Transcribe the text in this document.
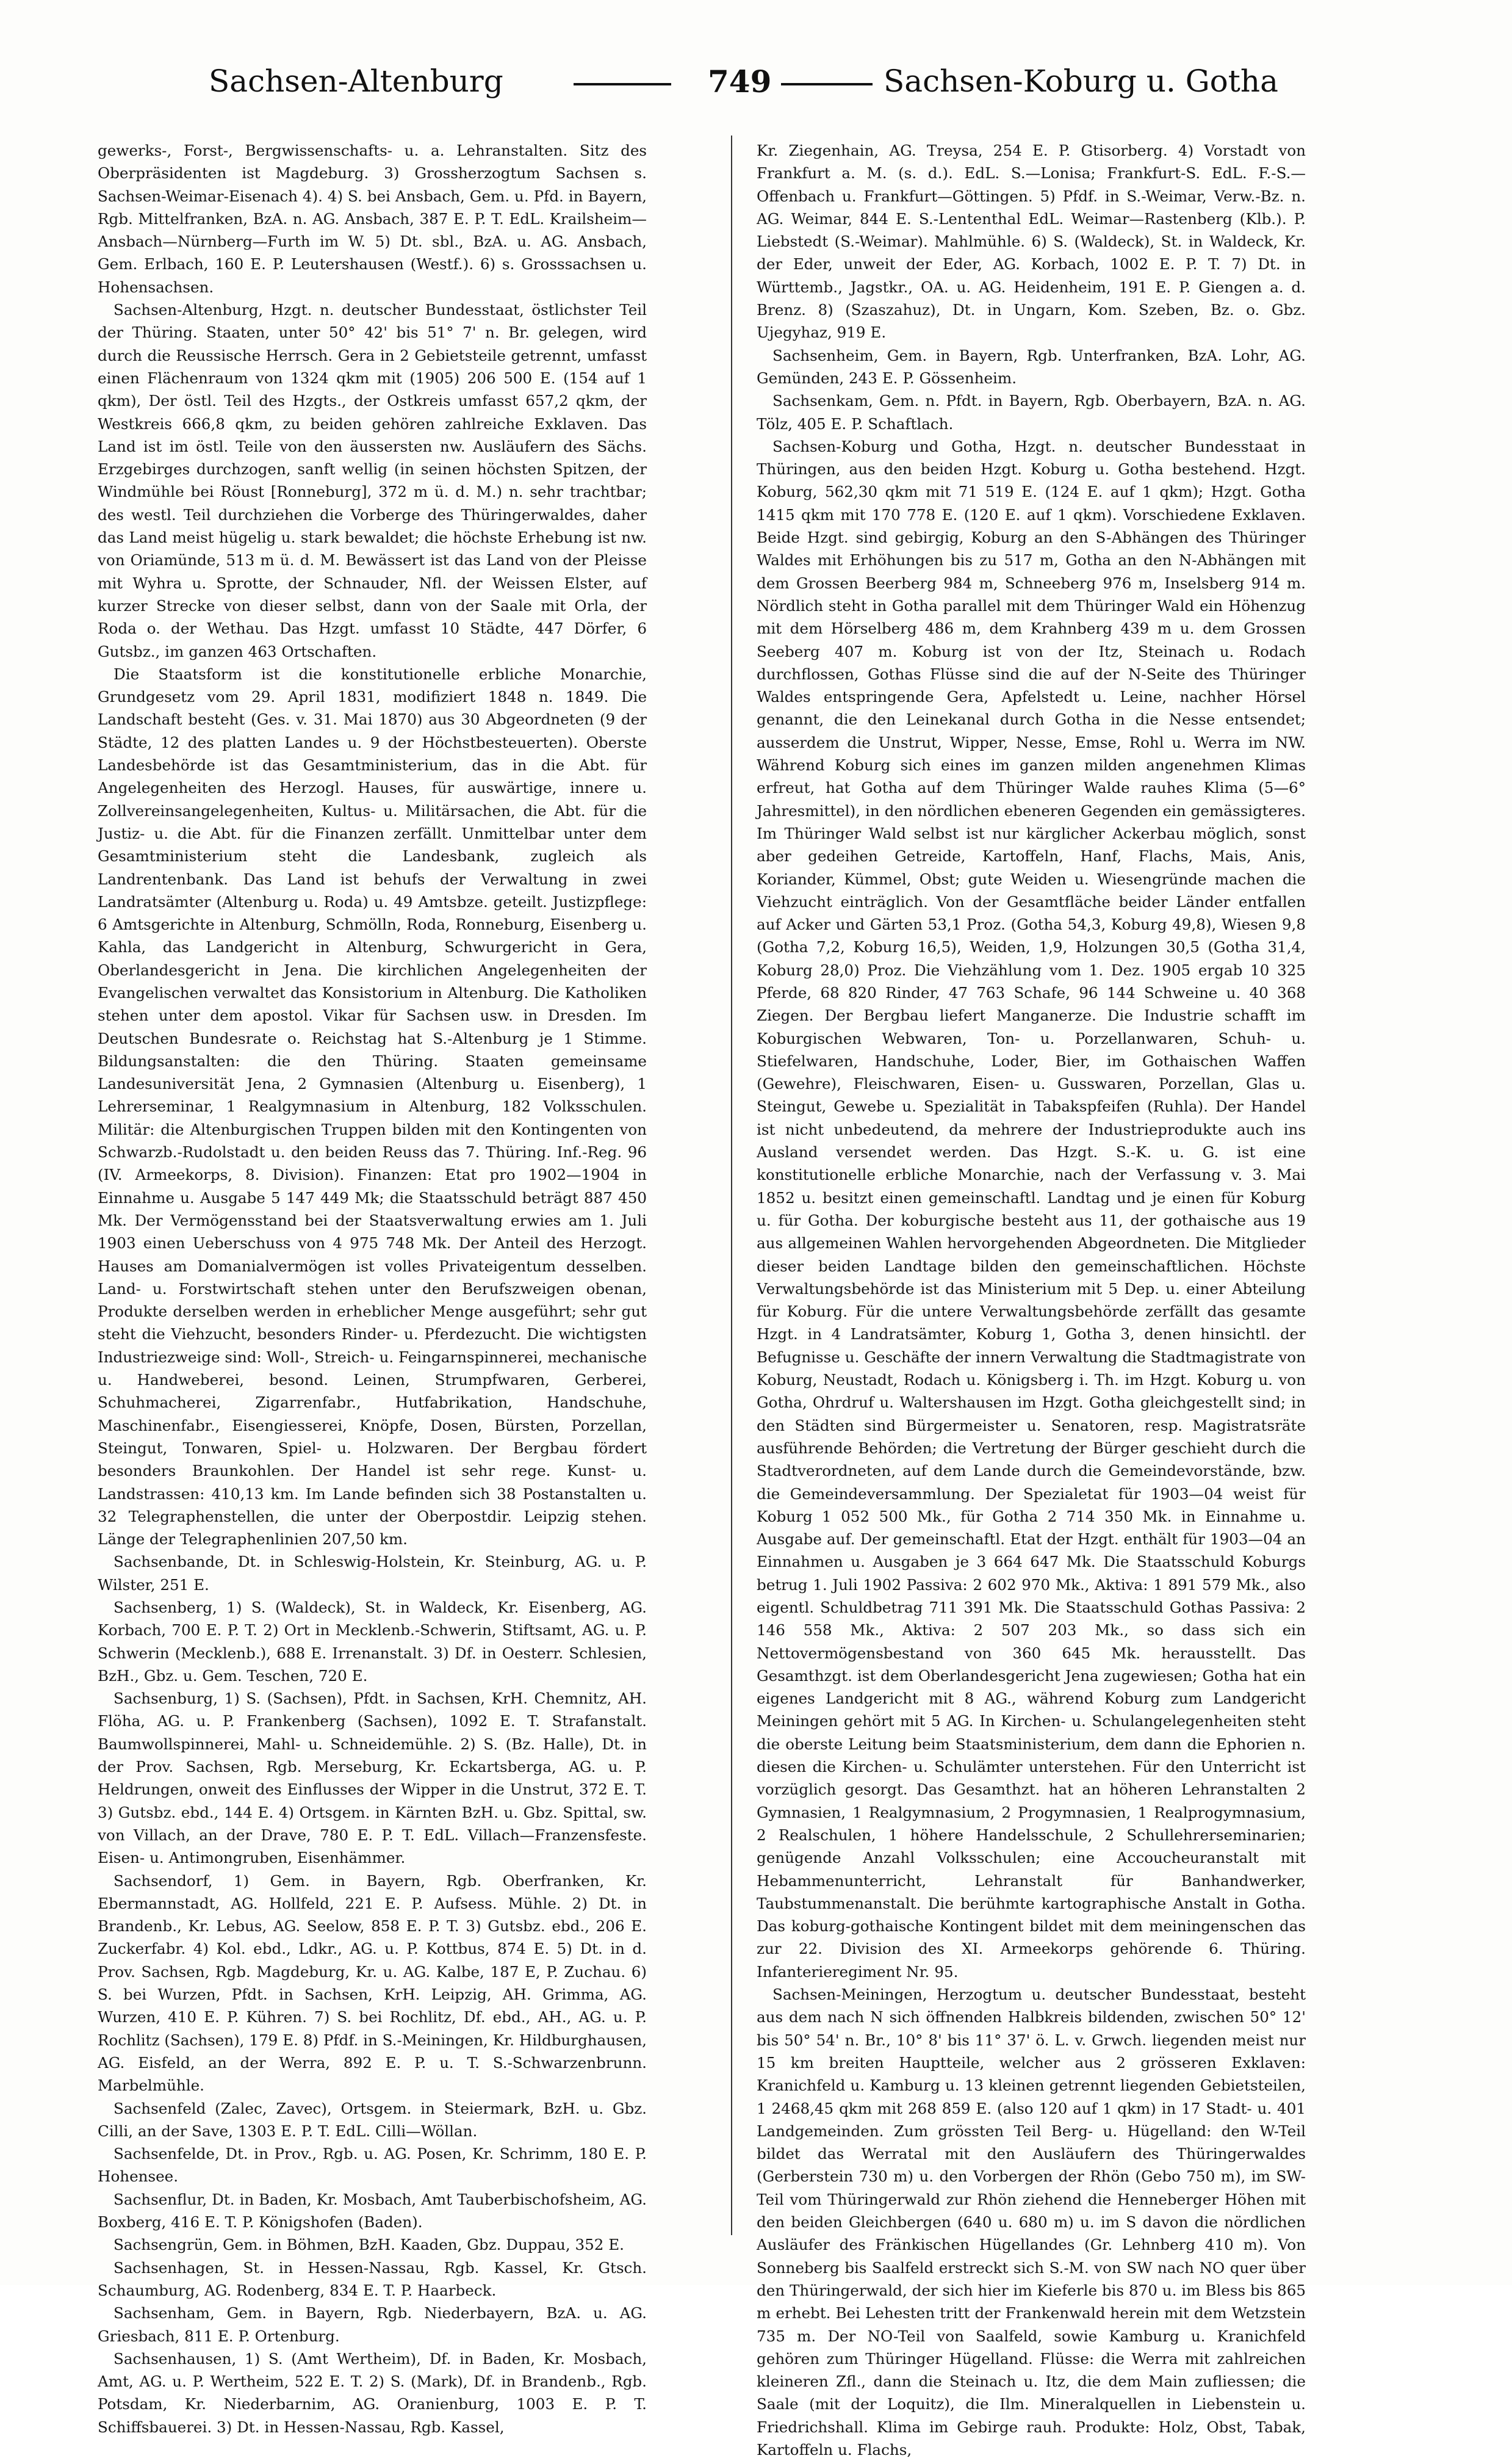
Sachsen-Altenburg	749	Sachsen-Koburg u. Gotha

gewerks-, Forst-, Bergwissenschafts- u. a. Lehranstalten. Sitz des Oberpräsidenten ist Magdeburg. 3) Grossherzogtum Sachsen s. Sachsen-Weimar-Eisenach 4). 4) S. bei Ansbach, Gem. u. Pfd. in Bayern, Rgb. Mittelfranken, BzA. n. AG. Ansbach, 387 E. P. T. EdL. Krailsheim—Ansbach—Nürnberg—Furth im W. 5) Dt. sbl., BzA. u. AG. Ansbach, Gem. Erlbach, 160 E. P. Leutershausen (Westf.). 6) s. Grosssachsen u. Hohensachsen.

Sachsen-Altenburg, Hzgt. n. deutscher Bundesstaat, östlichster Teil der Thüring. Staaten, unter 50° 42' bis 51° 7' n. Br. gelegen, wird durch die Reussische Herrsch. Gera in 2 Gebietsteile getrennt, umfasst einen Flächenraum von 1324 qkm mit (1905) 206 500 E. (154 auf 1 qkm), Der östl. Teil des Hzgts., der Ostkreis umfasst 657,2 qkm, der Westkreis 666,8 qkm, zu beiden gehören zahlreiche Exklaven. Das Land ist im östl. Teile von den äussersten nw. Ausläufern des Sächs. Erzgebirges durchzogen, sanft wellig (in seinen höchsten Spitzen, der Windmühle bei Röust [Ronneburg], 372 m ü. d. M.) n. sehr trachtbar; des westl. Teil durchziehen die Vorberge des Thüringerwaldes, daher das Land meist hügelig u. stark bewaldet; die höchste Erhebung ist nw. von Oriamünde, 513 m ü. d. M. Bewässert ist das Land von der Pleisse mit Wyhra u. Sprotte, der Schnauder, Nfl. der Weissen Elster, auf kurzer Strecke von dieser selbst, dann von der Saale mit Orla, der Roda o. der Wethau. Das Hzgt. umfasst 10 Städte, 447 Dörfer, 6 Gutsbz., im ganzen 463 Ortschaften.

Die Staatsform ist die konstitutionelle erbliche Monarchie, Grundgesetz vom 29. April 1831, modifiziert 1848 n. 1849. Die Landschaft besteht (Ges. v. 31. Mai 1870) aus 30 Abgeordneten (9 der Städte, 12 des platten Landes u. 9 der Höchstbesteuerten). Oberste Landesbehörde ist das Gesamtministerium, das in die Abt. für Angelegenheiten des Herzogl. Hauses, für auswärtige, innere u. Zollvereinsangelegenheiten, Kultus- u. Militärsachen, die Abt. für die Justiz- u. die Abt. für die Finanzen zerfällt. Unmittelbar unter dem Gesamtministerium steht die Landesbank, zugleich als Landrentenbank. Das Land ist behufs der Verwaltung in zwei Landratsämter (Altenburg u. Roda) u. 49 Amtsbze. geteilt. Justizpflege: 6 Amtsgerichte in Altenburg, Schmölln, Roda, Ronneburg, Eisenberg u. Kahla, das Landgericht in Altenburg, Schwurgericht in Gera, Oberlandesgericht in Jena. Die kirchlichen Angelegenheiten der Evangelischen verwaltet das Konsistorium in Altenburg. Die Katholiken stehen unter dem apostol. Vikar für Sachsen usw. in Dresden. Im Deutschen Bundesrate o. Reichstag hat S.-Altenburg je 1 Stimme. Bildungsanstalten: die den Thüring. Staaten gemeinsame Landesuniversität Jena, 2 Gymnasien (Altenburg u. Eisenberg), 1 Lehrerseminar, 1 Realgymnasium in Altenburg, 182 Volksschulen. Militär: die Altenburgischen Truppen bilden mit den Kontingenten von Schwarzb.-Rudolstadt u. den beiden Reuss das 7. Thüring. Inf.-Reg. 96 (IV. Armeekorps, 8. Division). Finanzen: Etat pro 1902—1904 in Einnahme u. Ausgabe 5 147 449 Mk; die Staatsschuld beträgt 887 450 Mk. Der Vermögensstand bei der Staatsverwaltung erwies am 1. Juli 1903 einen Ueberschuss von 4 975 748 Mk. Der Anteil des Herzogt. Hauses am Domanialvermögen ist volles Privateigentum desselben. Land- u. Forstwirtschaft stehen unter den Berufszweigen obenan, Produkte derselben werden in erheblicher Menge ausgeführt; sehr gut steht die Viehzucht, besonders Rinder- u. Pferdezucht. Die wichtigsten Industriezweige sind: Woll-, Streich- u. Feingarnspinnerei, mechanische u. Handweberei, besond. Leinen, Strumpfwaren, Gerberei, Schuhmacherei, Zigarrenfabr., Hutfabrikation, Handschuhe, Maschinenfabr., Eisengiesserei, Knöpfe, Dosen, Bürsten, Porzellan, Steingut, Tonwaren, Spiel- u. Holzwaren. Der Bergbau fördert besonders Braunkohlen. Der Handel ist sehr rege. Kunst- u. Landstrassen: 410,13 km. Im Lande befinden sich 38 Postanstalten u. 32 Telegraphenstellen, die unter der Oberpostdir. Leipzig stehen. Länge der Telegraphenlinien 207,50 km.

Sachsenbande, Dt. in Schleswig-Holstein, Kr. Steinburg, AG. u. P. Wilster, 251 E.

Sachsenberg, 1) S. (Waldeck), St. in Waldeck, Kr. Eisenberg, AG. Korbach, 700 E. P. T. 2) Ort in Mecklenb.-Schwerin, Stiftsamt, AG. u. P. Schwerin (Mecklenb.), 688 E. Irrenanstalt. 3) Df. in Oesterr. Schlesien, BzH., Gbz. u. Gem. Teschen, 720 E.

Sachsenburg, 1) S. (Sachsen), Pfdt. in Sachsen, KrH. Chemnitz, AH. Flöha, AG. u. P. Frankenberg (Sachsen), 1092 E. T. Strafanstalt. Baumwollspinnerei, Mahl- u. Schneidemühle. 2) S. (Bz. Halle), Dt. in der Prov. Sachsen, Rgb. Merseburg, Kr. Eckartsberga, AG. u. P. Heldrungen, onweit des Einflusses der Wipper in die Unstrut, 372 E. T. 3) Gutsbz. ebd., 144 E. 4) Ortsgem. in Kärnten BzH. u. Gbz. Spittal, sw. von Villach, an der Drave, 780 E. P. T. EdL. Villach—Franzensfeste. Eisen- u. Antimongruben, Eisenhämmer.

Sachsendorf, 1) Gem. in Bayern, Rgb. Oberfranken, Kr. Ebermannstadt, AG. Hollfeld, 221 E. P. Aufsess. Mühle. 2) Dt. in Brandenb., Kr. Lebus, AG. Seelow, 858 E. P. T. 3) Gutsbz. ebd., 206 E. Zuckerfabr. 4) Kol. ebd., Ldkr., AG. u. P. Kottbus, 874 E. 5) Dt. in d. Prov. Sachsen, Rgb. Magdeburg, Kr. u. AG. Kalbe, 187 E, P. Zuchau. 6) S. bei Wurzen, Pfdt. in Sachsen, KrH. Leipzig, AH. Grimma, AG. Wurzen, 410 E. P. Kühren. 7) S. bei Rochlitz, Df. ebd., AH., AG. u. P. Rochlitz (Sachsen), 179 E. 8) Pfdf. in S.-Meiningen, Kr. Hildburghausen, AG. Eisfeld, an der Werra, 892 E. P. u. T. S.-Schwarzenbrunn. Marbelmühle.

Sachsenfeld (Zalec, Zavec), Ortsgem. in Steiermark, BzH. u. Gbz. Cilli, an der Save, 1303 E. P. T. EdL. Cilli—Wöllan.

Sachsenfelde, Dt. in Prov., Rgb. u. AG. Posen, Kr. Schrimm, 180 E. P. Hohensee.

Sachsenflur, Dt. in Baden, Kr. Mosbach, Amt Tauberbischofsheim, AG. Boxberg, 416 E. T. P. Königshofen (Baden).

Sachsengrün, Gem. in Böhmen, BzH. Kaaden, Gbz. Duppau, 352 E.

Sachsenhagen, St. in Hessen-Nassau, Rgb. Kassel, Kr. Gtsch. Schaumburg, AG. Rodenberg, 834 E. T. P. Haarbeck.

Sachsenham, Gem. in Bayern, Rgb. Niederbayern, BzA. u. AG. Griesbach, 811 E. P. Ortenburg.

Sachsenhausen, 1) S. (Amt Wertheim), Df. in Baden, Kr. Mosbach, Amt, AG. u. P. Wertheim, 522 E. T. 2) S. (Mark), Df. in Brandenb., Rgb. Potsdam, Kr. Niederbarnim, AG. Oranienburg, 1003 E. P. T. Schiffsbauerei. 3) Dt. in Hessen-Nassau, Rgb. Kassel,

Kr. Ziegenhain, AG. Treysa, 254 E. P. Gtisorberg. 4) Vorstadt von Frankfurt a. M. (s. d.). EdL. S.—Lonisa; Frankfurt-S. EdL. F.-S.—Offenbach u. Frankfurt—Göttingen. 5) Pfdf. in S.-Weimar, Verw.-Bz. n. AG. Weimar, 844 E. S.-Lententhal EdL. Weimar—Rastenberg (Klb.). P. Liebstedt (S.-Weimar). Mahlmühle. 6) S. (Waldeck), St. in Waldeck, Kr. der Eder, unweit der Eder, AG. Korbach, 1002 E. P. T. 7) Dt. in Württemb., Jagstkr., OA. u. AG. Heidenheim, 191 E. P. Giengen a. d. Brenz. 8) (Szaszahuz), Dt. in Ungarn, Kom. Szeben, Bz. o. Gbz. Ujegyhaz, 919 E.

Sachsenheim, Gem. in Bayern, Rgb. Unterfranken, BzA. Lohr, AG. Gemünden, 243 E. P. Gössenheim.

Sachsenkam, Gem. n. Pfdt. in Bayern, Rgb. Oberbayern, BzA. n. AG. Tölz, 405 E. P. Schaftlach.

Sachsen-Koburg und Gotha, Hzgt. n. deutscher Bundesstaat in Thüringen, aus den beiden Hzgt. Koburg u. Gotha bestehend. Hzgt. Koburg, 562,30 qkm mit 71 519 E. (124 E. auf 1 qkm); Hzgt. Gotha 1415 qkm mit 170 778 E. (120 E. auf 1 qkm). Vorschiedene Exklaven. Beide Hzgt. sind gebirgig, Koburg an den S-Abhängen des Thüringer Waldes mit Erhöhungen bis zu 517 m, Gotha an den N-Abhängen mit dem Grossen Beerberg 984 m, Schneeberg 976 m, Inselsberg 914 m. Nördlich steht in Gotha parallel mit dem Thüringer Wald ein Höhenzug mit dem Hörselberg 486 m, dem Krahnberg 439 m u. dem Grossen Seeberg 407 m. Koburg ist von der Itz, Steinach u. Rodach durchflossen, Gothas Flüsse sind die auf der N-Seite des Thüringer Waldes entspringende Gera, Apfelstedt u. Leine, nachher Hörsel genannt, die den Leinekanal durch Gotha in die Nesse entsendet; ausserdem die Unstrut, Wipper, Nesse, Emse, Rohl u. Werra im NW. Während Koburg sich eines im ganzen milden angenehmen Klimas erfreut, hat Gotha auf dem Thüringer Walde rauhes Klima (5—6° Jahresmittel), in den nördlichen ebeneren Gegenden ein gemässigteres. Im Thüringer Wald selbst ist nur kärglicher Ackerbau möglich, sonst aber gedeihen Getreide, Kartoffeln, Hanf, Flachs, Mais, Anis, Koriander, Kümmel, Obst; gute Weiden u. Wiesengründe machen die Viehzucht einträglich. Von der Gesamtfläche beider Länder entfallen auf Acker und Gärten 53,1 Proz. (Gotha 54,3, Koburg 49,8), Wiesen 9,8 (Gotha 7,2, Koburg 16,5), Weiden, 1,9, Holzungen 30,5 (Gotha 31,4, Koburg 28,0) Proz. Die Viehzählung vom 1. Dez. 1905 ergab 10 325 Pferde, 68 820 Rinder, 47 763 Schafe, 96 144 Schweine u. 40 368 Ziegen. Der Bergbau liefert Manganerze. Die Industrie schafft im Koburgischen Webwaren, Ton- u. Porzellanwaren, Schuh- u. Stiefelwaren, Handschuhe, Loder, Bier, im Gothaischen Waffen (Gewehre), Fleischwaren, Eisen- u. Gusswaren, Porzellan, Glas u. Steingut, Gewebe u. Spezialität in Tabakspfeifen (Ruhla). Der Handel ist nicht unbedeutend, da mehrere der Industrieprodukte auch ins Ausland versendet werden. Das Hzgt. S.-K. u. G. ist eine konstitutionelle erbliche Monarchie, nach der Verfassung v. 3. Mai 1852 u. besitzt einen gemeinschaftl. Landtag und je einen für Koburg u. für Gotha. Der koburgische besteht aus 11, der gothaische aus 19 aus allgemeinen Wahlen hervorgehenden Abgeordneten. Die Mitglieder dieser beiden Landtage bilden den gemeinschaftlichen. Höchste Verwaltungsbehörde ist das Ministerium mit 5 Dep. u. einer Abteilung für Koburg. Für die untere Verwaltungsbehörde zerfällt das gesamte Hzgt. in 4 Landratsämter, Koburg 1, Gotha 3, denen hinsichtl. der Befugnisse u. Geschäfte der innern Verwaltung die Stadtmagistrate von Koburg, Neustadt, Rodach u. Königsberg i. Th. im Hzgt. Koburg u. von Gotha, Ohrdruf u. Waltershausen im Hzgt. Gotha gleichgestellt sind; in den Städten sind Bürgermeister u. Senatoren, resp. Magistratsräte ausführende Behörden; die Vertretung der Bürger geschieht durch die Stadtverordneten, auf dem Lande durch die Gemeindevorstände, bzw. die Gemeindeversammlung. Der Spezialetat für 1903—04 weist für Koburg 1 052 500 Mk., für Gotha 2 714 350 Mk. in Einnahme u. Ausgabe auf. Der gemeinschaftl. Etat der Hzgt. enthält für 1903—04 an Einnahmen u. Ausgaben je 3 664 647 Mk. Die Staatsschuld Koburgs betrug 1. Juli 1902 Passiva: 2 602 970 Mk., Aktiva: 1 891 579 Mk., also eigentl. Schuldbetrag 711 391 Mk. Die Staatsschuld Gothas Passiva: 2 146 558 Mk., Aktiva: 2 507 203 Mk., so dass sich ein Nettovermögensbestand von 360 645 Mk. herausstellt. Das Gesamthzgt. ist dem Oberlandesgericht Jena zugewiesen; Gotha hat ein eigenes Landgericht mit 8 AG., während Koburg zum Landgericht Meiningen gehört mit 5 AG. In Kirchen- u. Schulangelegenheiten steht die oberste Leitung beim Staatsministerium, dem dann die Ephorien n. diesen die Kirchen- u. Schulämter unterstehen. Für den Unterricht ist vorzüglich gesorgt. Das Gesamthzt. hat an höheren Lehranstalten 2 Gymnasien, 1 Realgymnasium, 2 Progymnasien, 1 Realprogymnasium, 2 Realschulen, 1 höhere Handelsschule, 2 Schullehrerseminarien; genügende Anzahl Volksschulen; eine Accoucheuranstalt mit Hebammenunterricht, Lehranstalt für Banhandwerker, Taubstummenanstalt. Die berühmte kartographische Anstalt in Gotha. Das koburg-gothaische Kontingent bildet mit dem meiningenschen das zur 22. Division des XI. Armeekorps gehörende 6. Thüring. Infanterieregiment Nr. 95.

Sachsen-Meiningen, Herzogtum u. deutscher Bundesstaat, besteht aus dem nach N sich öffnenden Halbkreis bildenden, zwischen 50° 12' bis 50° 54' n. Br., 10° 8' bis 11° 37' ö. L. v. Grwch. liegenden meist nur 15 km breiten Hauptteile, welcher aus 2 grösseren Exklaven: Kranichfeld u. Kamburg u. 13 kleinen getrennt liegenden Gebietsteilen, 1 2468,45 qkm mit 268 859 E. (also 120 auf 1 qkm) in 17 Stadt- u. 401 Landgemeinden. Zum grössten Teil Berg- u. Hügelland: den W-Teil bildet das Werratal mit den Ausläufern des Thüringerwaldes (Gerberstein 730 m) u. den Vorbergen der Rhön (Gebo 750 m), im SW-Teil vom Thüringerwald zur Rhön ziehend die Henneberger Höhen mit den beiden Gleichbergen (640 u. 680 m) u. im S davon die nördlichen Ausläufer des Fränkischen Hügellandes (Gr. Lehnberg 410 m). Von Sonneberg bis Saalfeld erstreckt sich S.-M. von SW nach NO quer über den Thüringerwald, der sich hier im Kieferle bis 870 u. im Bless bis 865 m erhebt. Bei Lehesten tritt der Frankenwald herein mit dem Wetzstein 735 m. Der NO-Teil von Saalfeld, sowie Kamburg u. Kranichfeld gehören zum Thüringer Hügelland. Flüsse: die Werra mit zahlreichen kleineren Zfl., dann die Steinach u. Itz, die dem Main zufliessen; die Saale (mit der Loquitz), die Ilm. Mineralquellen in Liebenstein u. Friedrichshall. Klima im Gebirge rauh. Produkte: Holz, Obst, Tabak, Kartoffeln u. Flachs,
